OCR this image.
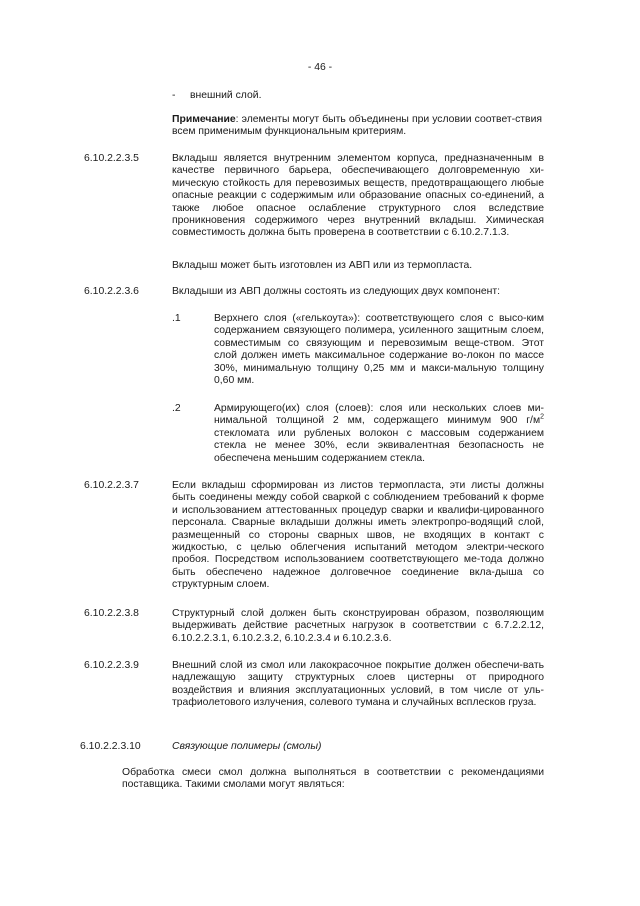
- 46 -
- внешний слой.

Примечание: элементы могут быть объединены при условии соответ-ствия всем применимым функциональным критериям.

6.10.2.2.3.5	Вкладыш является внутренним элементом корпуса, предназначенным в качестве первичного барьера, обеспечивающего долговременную хи-мическую стойкость для перевозимых веществ, предотвращающего любые опасные реакции с содержимым или образование опасных со-единений, а также любое опасное ослабление структурного слоя вследствие проникновения содержимого через внутренний вкладыш. Химическая совместимость должна быть проверена в соответствии с 6.10.2.7.1.3.

Вкладыш может быть изготовлен из АВП или из термопласта.

6.10.2.2.3.6	Вкладыши из АВП должны состоять из следующих двух компонент:

.1	Верхнего слоя («гелькоута»): соответствующего слоя с высо-ким содержанием связующего полимера, усиленного защитным слоем, совместимым со связующим и перевозимым веще-ством. Этот слой должен иметь максимальное содержание во-локон по массе 30%, минимальную толщину 0,25 мм и макси-мальную толщину 0,60 мм.

.2	Армирующего(их) слоя (слоев): слоя или нескольких слоев ми-нимальной толщиной 2 мм, содержащего минимум 900 $г/м^2$ стекломата или рубленых волокон с массовым содержанием стекла не менее 30%, если эквивалентная безопасность не обеспечена меньшим содержанием стекла.

6.10.2.2.3.7	Если вкладыш сформирован из листов термопласта, эти листы должны быть соединены между собой сваркой с соблюдением требований к форме и использованием аттестованных процедур сварки и квалифи-цированного персонала. Сварные вкладыши должны иметь электропро-водящий слой, размещенный со стороны сварных швов, не входящих в контакт с жидкостью, с целью облегчения испытаний методом электри-ческого пробоя. Посредством использованием соответствующего ме-тода должно быть обеспечено надежное долговечное соединение вкла-дыша со структурным слоем.

6.10.2.2.3.8	Структурный слой должен быть сконструирован образом, позволяющим выдерживать действие расчетных нагрузок в соответствии с 6.7.2.2.12, 6.10.2.2.3.1, 6.10.2.3.2, 6.10.2.3.4 и 6.10.2.3.6.

6.10.2.2.3.9	Внешний слой из смол или лакокрасочное покрытие должен обеспечи-вать надлежащую защиту структурных слоев цистерны от природного воздействия и влияния эксплуатационных условий, в том числе от уль-трафиолетового излучения, солевого тумана и случайных всплесков груза.

6.10.2.2.3.10	Связующие полимеры (смолы)

Обработка смеси смол должна выполняться в соответствии с рекомендациями поставщика. Такими смолами могут являться:
